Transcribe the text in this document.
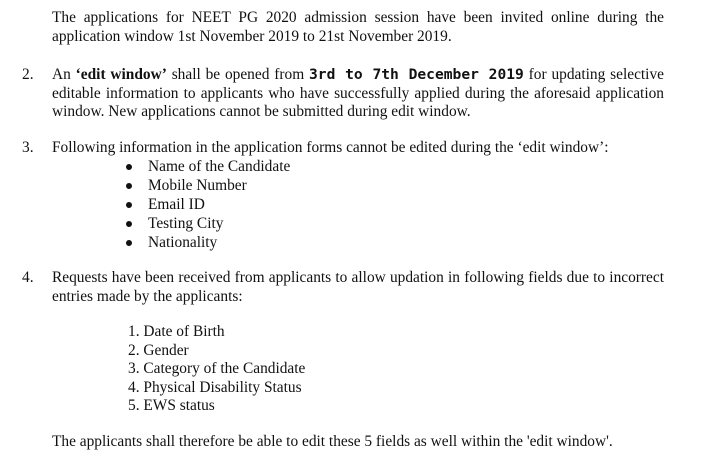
The applications for NEET PG 2020 admission session have been invited online during the application window 1st November 2019 to 21st November 2019.

2. An ‘edit window’ shall be opened from 3rd to 7th December 2019 for updating selective editable information to applicants who have successfully applied during the aforesaid application window. New applications cannot be submitted during edit window.

3. Following information in the application forms cannot be edited during the ‘edit window’:

Name of the Candidate
Mobile Number
Email ID
Testing City
Nationality
4. Requests have been received from applicants to allow updation in following fields due to incorrect entries made by the applicants:

1. Date of Birth
2. Gender
3. Category of the Candidate
4. Physical Disability Status
5. EWS status

The applicants shall therefore be able to edit these 5 fields as well within the 'edit window'.
